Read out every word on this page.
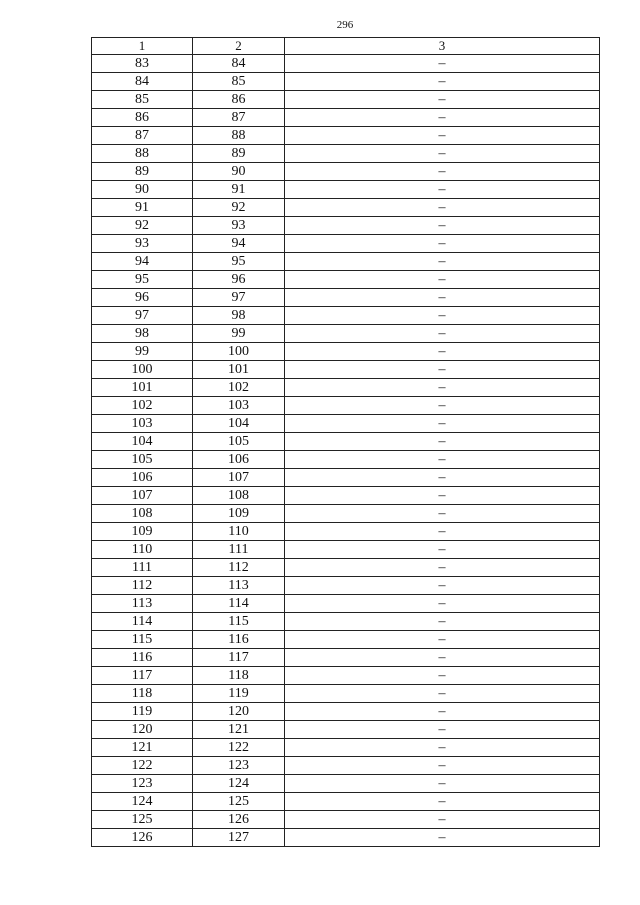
296
1	2	3
83	84	–
84	85	–
85	86	–
86	87	–
87	88	–
88	89	–
89	90	–
90	91	–
91	92	–
92	93	–
93	94	–
94	95	–
95	96	–
96	97	–
97	98	–
98	99	–
99	100	–
100	101	–
101	102	–
102	103	–
103	104	–
104	105	–
105	106	–
106	107	–
107	108	–
108	109	–
109	110	–
110	111	–
111	112	–
112	113	–
113	114	–
114	115	–
115	116	–
116	117	–
117	118	–
118	119	–
119	120	–
120	121	–
121	122	–
122	123	–
123	124	–
124	125	–
125	126	–
126	127	–
